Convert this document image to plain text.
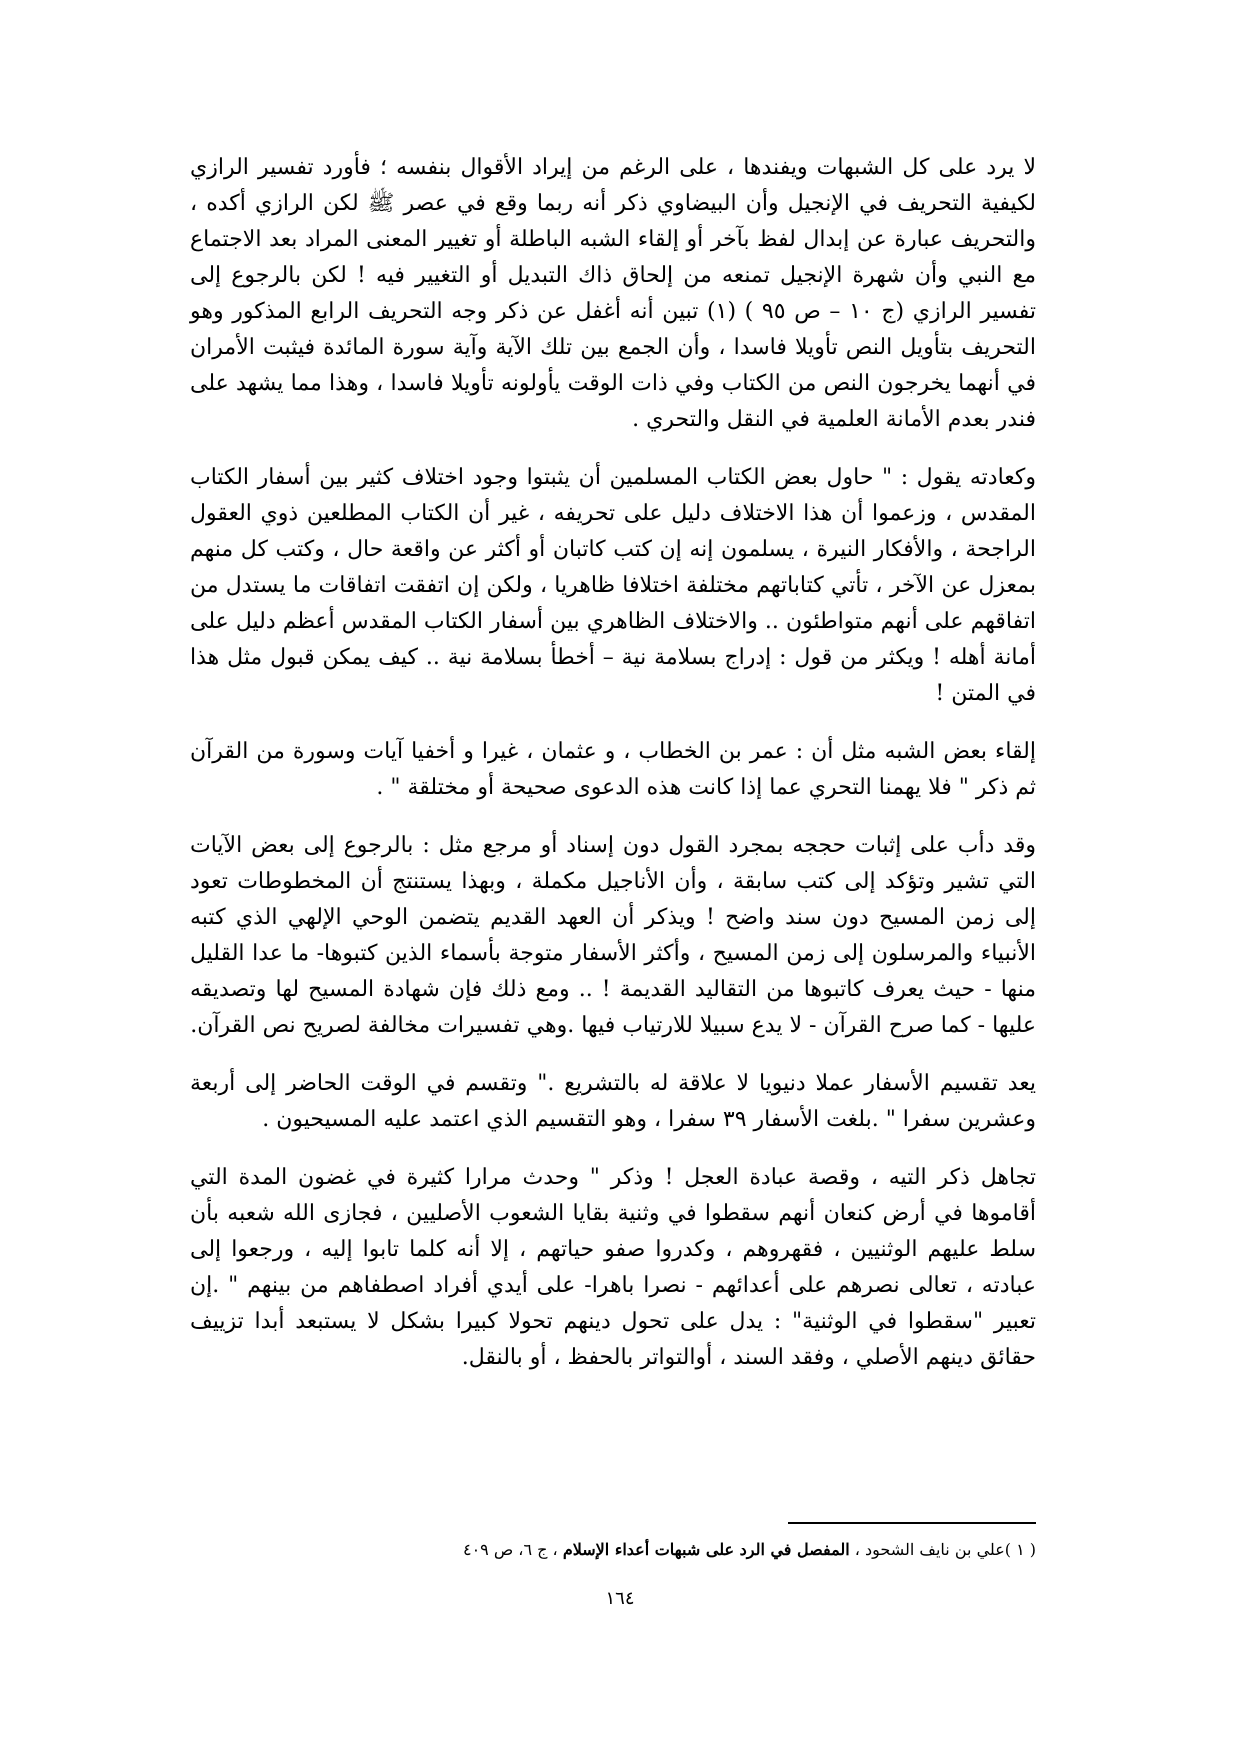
لا يرد على كل الشبهات ويفندها ، على الرغم من إيراد الأقوال بنفسه ؛ فأورد تفسير الرازي لكيفية التحريف في الإنجيل وأن البيضاوي ذكر أنه ربما وقع في عصر ﷺ لكن الرازي أكده ، والتحريف عبارة عن إبدال لفظ بآخر أو إلقاء الشبه الباطلة أو تغيير المعنى المراد بعد الاجتماع مع النبي وأن شهرة الإنجيل تمنعه من إلحاق ذاك التبديل أو التغيير فيه ! لكن بالرجوع إلى تفسير الرازي (ج ١٠ – ص ٩٥ ) (١) تبين أنه أغفل عن ذكر وجه التحريف الرابع المذكور وهو التحريف بتأويل النص تأويلا فاسدا ، وأن الجمع بين تلك الآية وآية سورة المائدة فيثبت الأمران في أنهما يخرجون النص من الكتاب وفي ذات الوقت يأولونه تأويلا فاسدا ، وهذا مما يشهد على فندر بعدم الأمانة العلمية في النقل والتحري .

وكعادته يقول : " حاول بعض الكتاب المسلمين أن يثبتوا وجود اختلاف كثير بين أسفار الكتاب المقدس ، وزعموا أن هذا الاختلاف دليل على تحريفه ، غير أن الكتاب المطلعين ذوي العقول الراجحة ، والأفكار النيرة ، يسلمون إنه إن كتب كاتبان أو أكثر عن واقعة حال ، وكتب كل منهم بمعزل عن الآخر ، تأتي كتاباتهم مختلفة اختلافا ظاهريا ، ولكن إن اتفقت اتفاقات ما يستدل من اتفاقهم على أنهم متواطئون .. والاختلاف الظاهري بين أسفار الكتاب المقدس أعظم دليل على أمانة أهله ! ويكثر من قول : إدراج بسلامة نية – أخطأ بسلامة نية .. كيف يمكن قبول مثل هذا في المتن !

إلقاء بعض الشبه مثل أن : عمر بن الخطاب ، و عثمان ، غيرا و أخفيا آيات وسورة من القرآن ثم ذكر " فلا يهمنا التحري عما إذا كانت هذه الدعوى صحيحة أو مختلقة " .

وقد دأب على إثبات حججه بمجرد القول دون إسناد أو مرجع مثل : بالرجوع إلى بعض الآيات التي تشير وتؤكد إلى كتب سابقة ، وأن الأناجيل مكملة ، وبهذا يستنتج أن المخطوطات تعود إلى زمن المسيح دون سند واضح ! ويذكر أن العهد القديم يتضمن الوحي الإلهي الذي كتبه الأنبياء والمرسلون إلى زمن المسيح ، وأكثر الأسفار متوجة بأسماء الذين كتبوها- ما عدا القليل منها - حيث يعرف كاتبوها من التقاليد القديمة ! .. ومع ذلك فإن شهادة المسيح لها وتصديقه عليها - كما صرح القرآن - لا يدع سبيلا للارتياب فيها .وهي تفسيرات مخالفة لصريح نص القرآن.

يعد تقسيم الأسفار عملا دنيويا لا علاقة له بالتشريع ." وتقسم في الوقت الحاضر إلى أربعة وعشرين سفرا " .بلغت الأسفار ٣٩ سفرا ، وهو التقسيم الذي اعتمد عليه المسيحيون .

تجاهل ذكر التيه ، وقصة عبادة العجل ! وذكر " وحدث مرارا كثيرة في غضون المدة التي أقاموها في أرض كنعان أنهم سقطوا في وثنية بقايا الشعوب الأصليين ، فجازى الله شعبه بأن سلط عليهم الوثنيين ، فقهروهم ، وكدروا صفو حياتهم ، إلا أنه كلما تابوا إليه ، ورجعوا إلى عبادته ، تعالى نصرهم على أعدائهم - نصرا باهرا- على أيدي أفراد اصطفاهم من بينهم " .إن تعبير "سقطوا في الوثنية" : يدل على تحول دينهم تحولا كبيرا بشكل لا يستبعد أبدا تزييف حقائق دينهم الأصلي ، وفقد السند ، أوالتواتر بالحفظ ، أو بالنقل.

( ١ )علي بن نايف الشحود ، المفصل في الرد على شبهات أعداء الإسلام ، ج ٦، ص ٤٠٩
١٦٤
